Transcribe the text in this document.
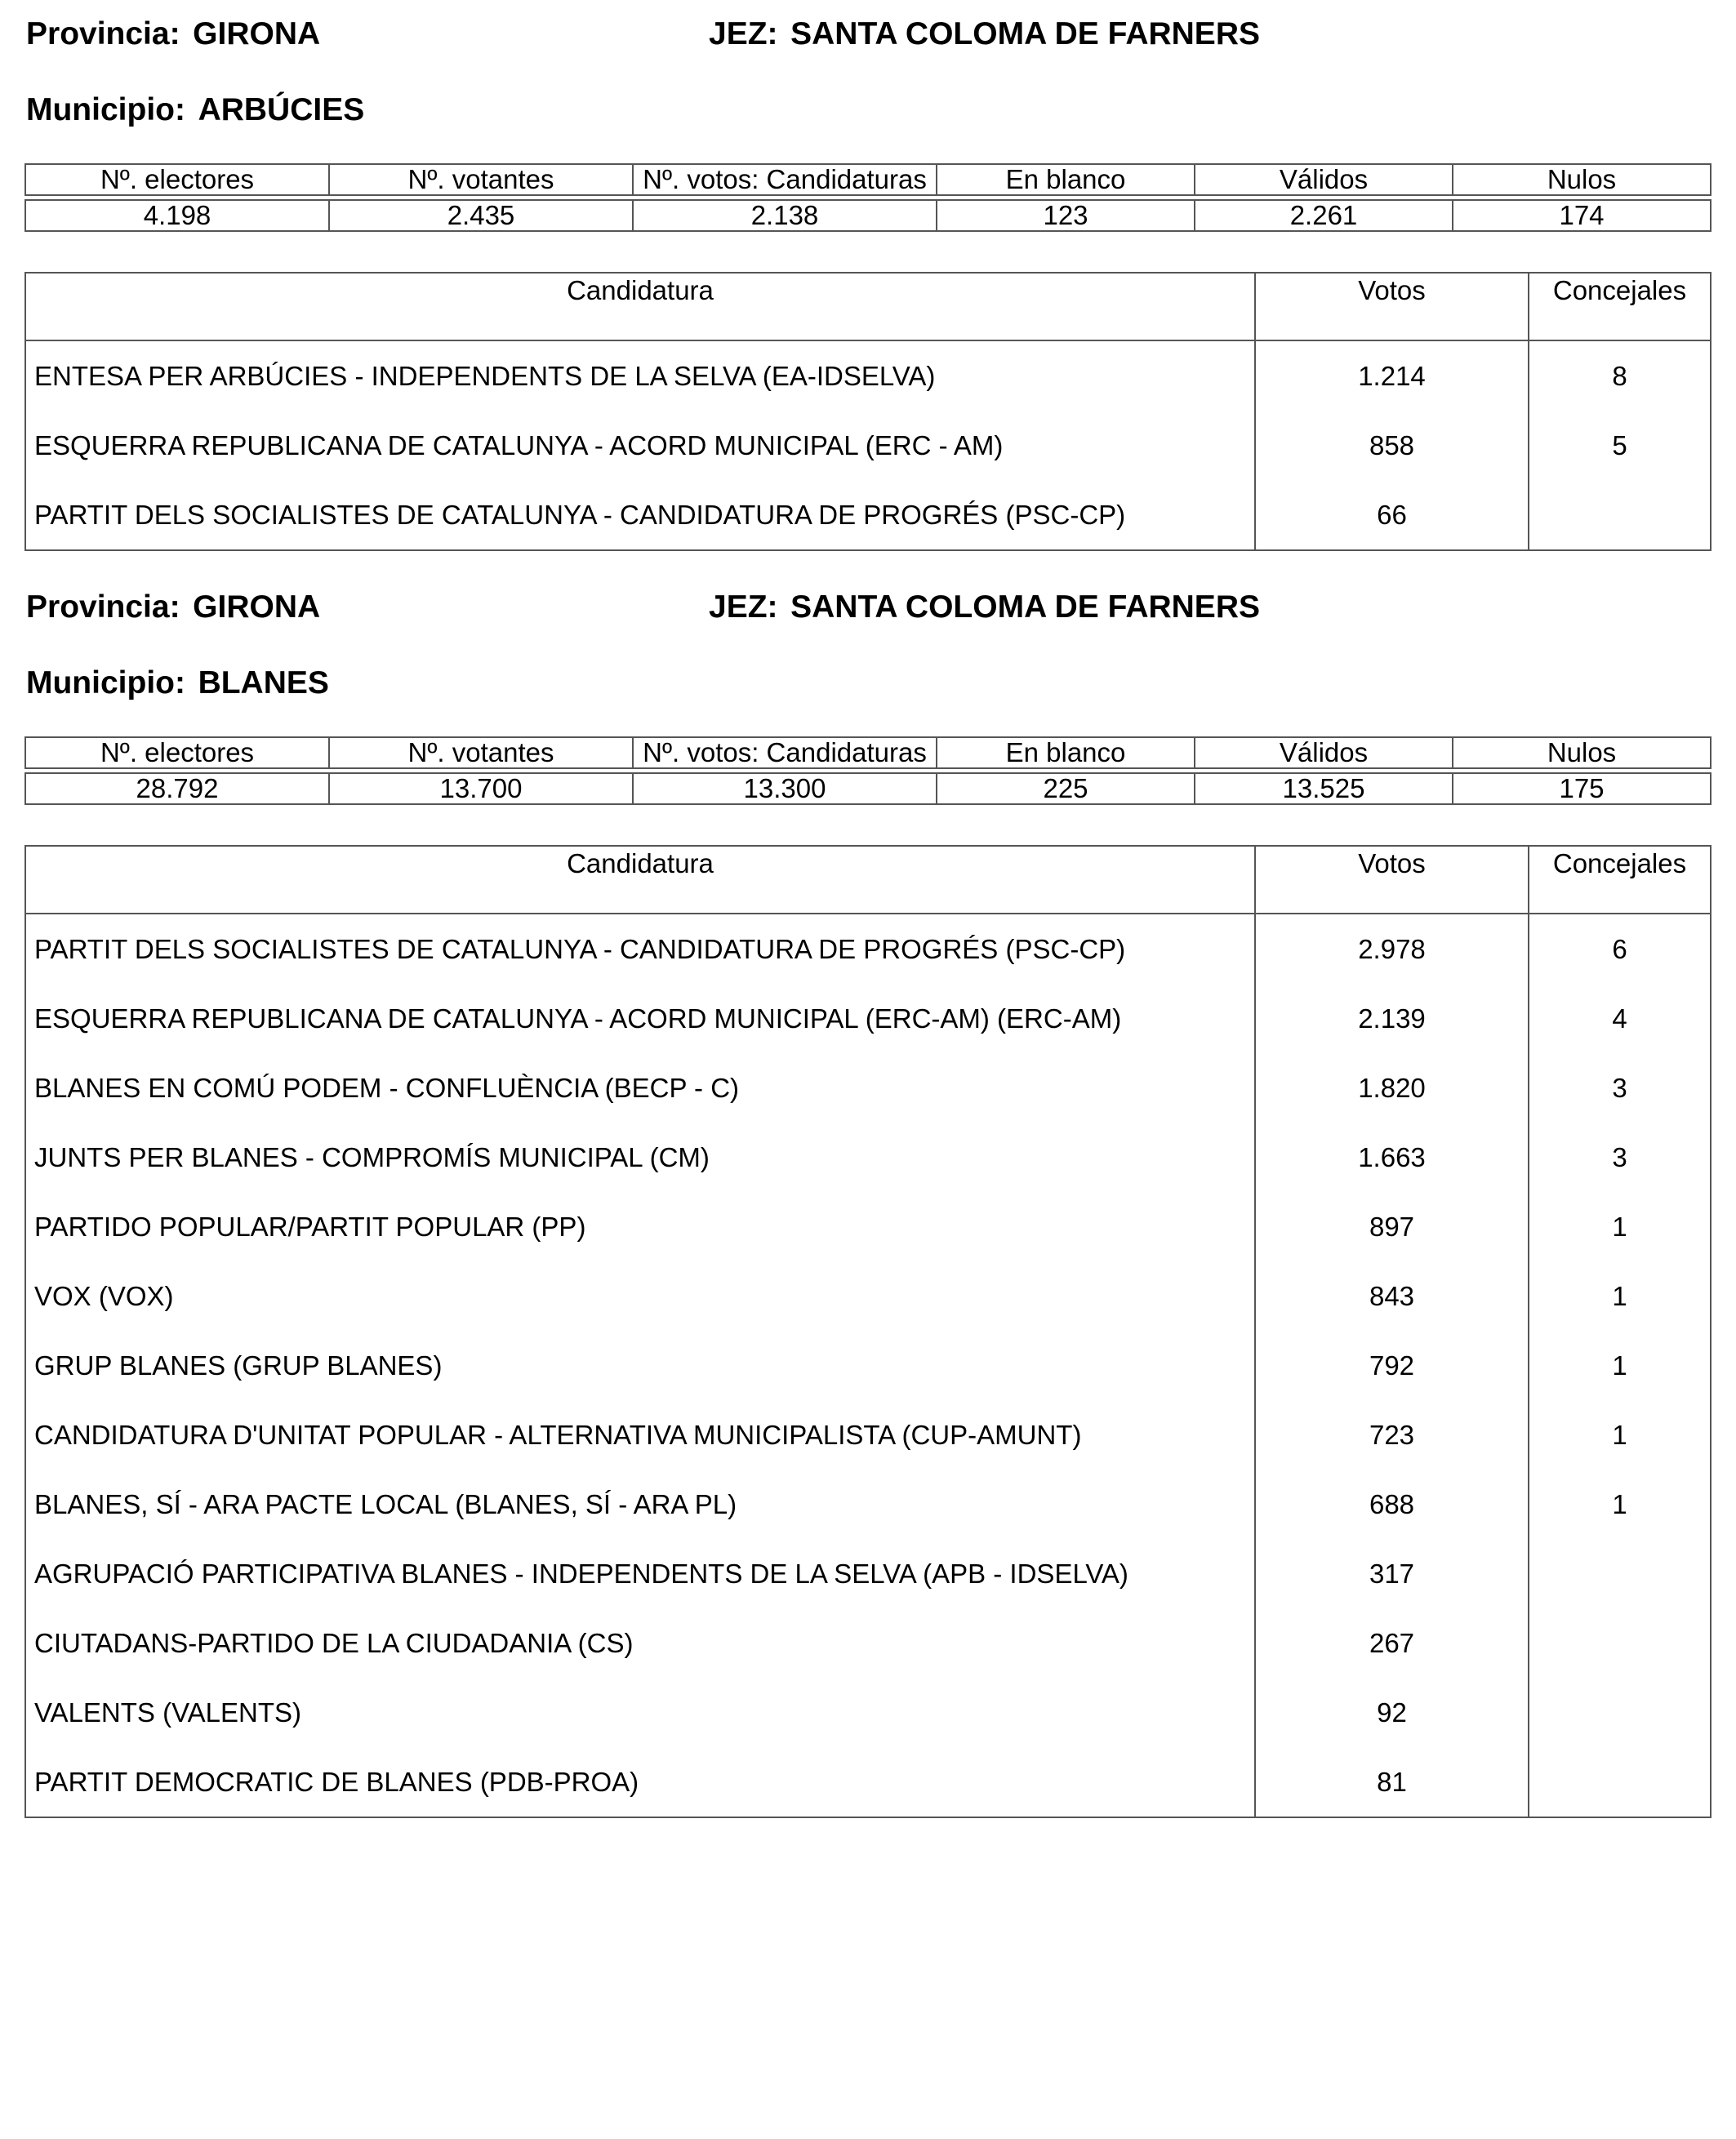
Provincia: GIRONA	JEZ: SANTA COLOMA DE FARNERS
Municipio: ARBÚCIES
Nº. electores	Nº. votantes	Nº. votos: Candidaturas	En blanco	Válidos	Nulos

4.198	2.435	2.138	123	2.261	174
Candidatura	Votos	Concejales
ENTESA PER ARBÚCIES - INDEPENDENTS DE LA SELVA (EA-IDSELVA)	1.214	8
ESQUERRA REPUBLICANA DE CATALUNYA - ACORD MUNICIPAL (ERC - AM)	858	5
PARTIT DELS SOCIALISTES DE CATALUNYA - CANDIDATURA DE PROGRÉS (PSC-CP)	66	
Provincia: GIRONA	JEZ: SANTA COLOMA DE FARNERS
Municipio: BLANES
Nº. electores	Nº. votantes	Nº. votos: Candidaturas	En blanco	Válidos	Nulos

28.792	13.700	13.300	225	13.525	175
Candidatura	Votos	Concejales
PARTIT DELS SOCIALISTES DE CATALUNYA - CANDIDATURA DE PROGRÉS (PSC-CP)	2.978	6
ESQUERRA REPUBLICANA DE CATALUNYA - ACORD MUNICIPAL (ERC-AM) (ERC-AM)	2.139	4
BLANES EN COMÚ PODEM - CONFLUÈNCIA (BECP - C)	1.820	3
JUNTS PER BLANES - COMPROMÍS MUNICIPAL (CM)	1.663	3
PARTIDO POPULAR/PARTIT POPULAR (PP)	897	1
VOX (VOX)	843	1
GRUP BLANES (GRUP BLANES)	792	1
CANDIDATURA D'UNITAT POPULAR - ALTERNATIVA MUNICIPALISTA (CUP-AMUNT)	723	1
BLANES, SÍ - ARA PACTE LOCAL (BLANES, SÍ - ARA PL)	688	1
AGRUPACIÓ PARTICIPATIVA BLANES - INDEPENDENTS DE LA SELVA (APB - IDSELVA)	317	
CIUTADANS-PARTIDO DE LA CIUDADANIA (CS)	267	
VALENTS (VALENTS)	92	
PARTIT DEMOCRATIC DE BLANES (PDB-PROA)	81	
